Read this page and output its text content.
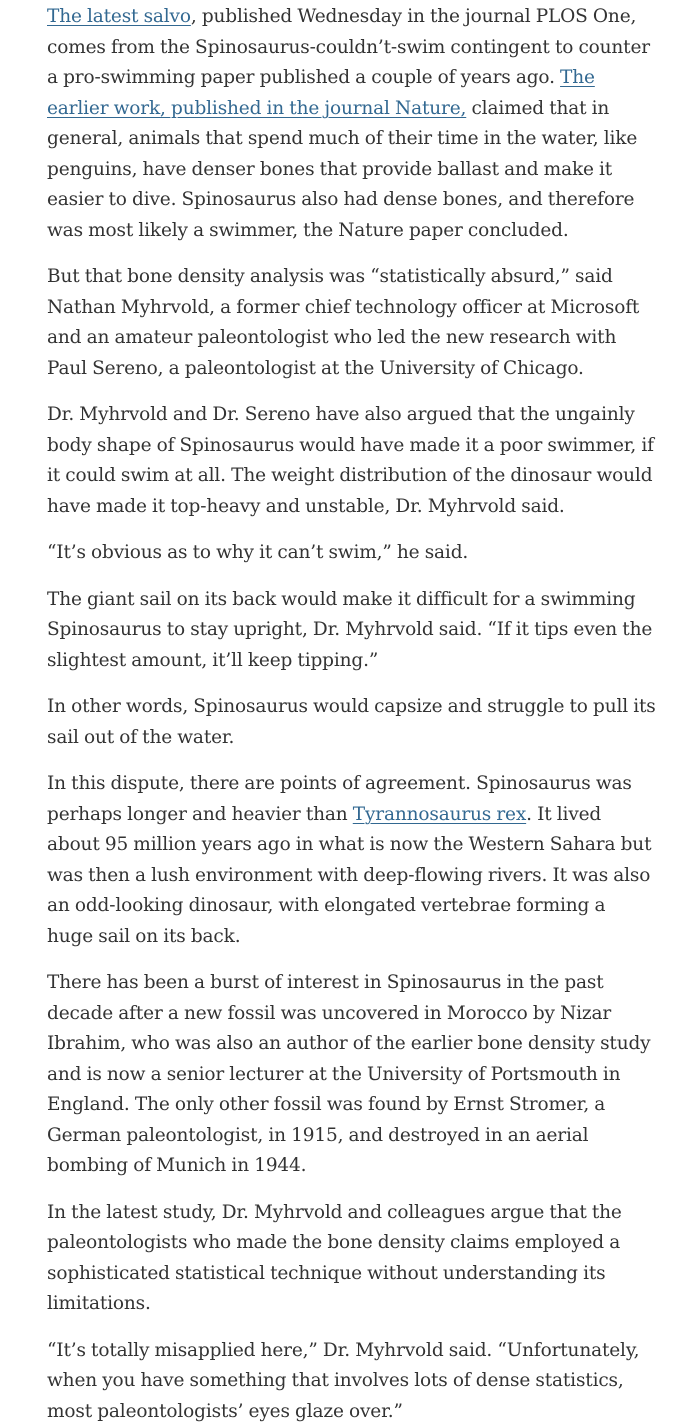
The latest salvo, published Wednesday in the journal PLOS One, comes from the Spinosaurus-couldn’t-swim contingent to counter a pro-swimming paper published a couple of years ago. The earlier work, published in the journal Nature, claimed that in general, animals that spend much of their time in the water, like penguins, have denser bones that provide ballast and make it easier to dive. Spinosaurus also had dense bones, and therefore was most likely a swimmer, the Nature paper concluded.

But that bone density analysis was “statistically absurd,” said Nathan Myhrvold, a former chief technology officer at Microsoft and an amateur paleontologist who led the new research with Paul Sereno, a paleontologist at the University of Chicago.

Dr. Myhrvold and Dr. Sereno have also argued that the ungainly body shape of Spinosaurus would have made it a poor swimmer, if it could swim at all. The weight distribution of the dinosaur would have made it top-heavy and unstable, Dr. Myhrvold said.

“It’s obvious as to why it can’t swim,” he said.

The giant sail on its back would make it difficult for a swimming Spinosaurus to stay upright, Dr. Myhrvold said. “If it tips even the slightest amount, it’ll keep tipping.”

In other words, Spinosaurus would capsize and struggle to pull its sail out of the water.

In this dispute, there are points of agreement. Spinosaurus was perhaps longer and heavier than Tyrannosaurus rex. It lived about 95 million years ago in what is now the Western Sahara but was then a lush environment with deep-flowing rivers. It was also an odd-looking dinosaur, with elongated vertebrae forming a huge sail on its back.

There has been a burst of interest in Spinosaurus in the past decade after a new fossil was uncovered in Morocco by Nizar Ibrahim, who was also an author of the earlier bone density study and is now a senior lecturer at the University of Portsmouth in England. The only other fossil was found by Ernst Stromer, a German paleontologist, in 1915, and destroyed in an aerial bombing of Munich in 1944.

In the latest study, Dr. Myhrvold and colleagues argue that the paleontologists who made the bone density claims employed a sophisticated statistical technique without understanding its limitations.

“It’s totally misapplied here,” Dr. Myhrvold said. “Unfortunately, when you have something that involves lots of dense statistics, most paleontologists’ eyes glaze over.”
